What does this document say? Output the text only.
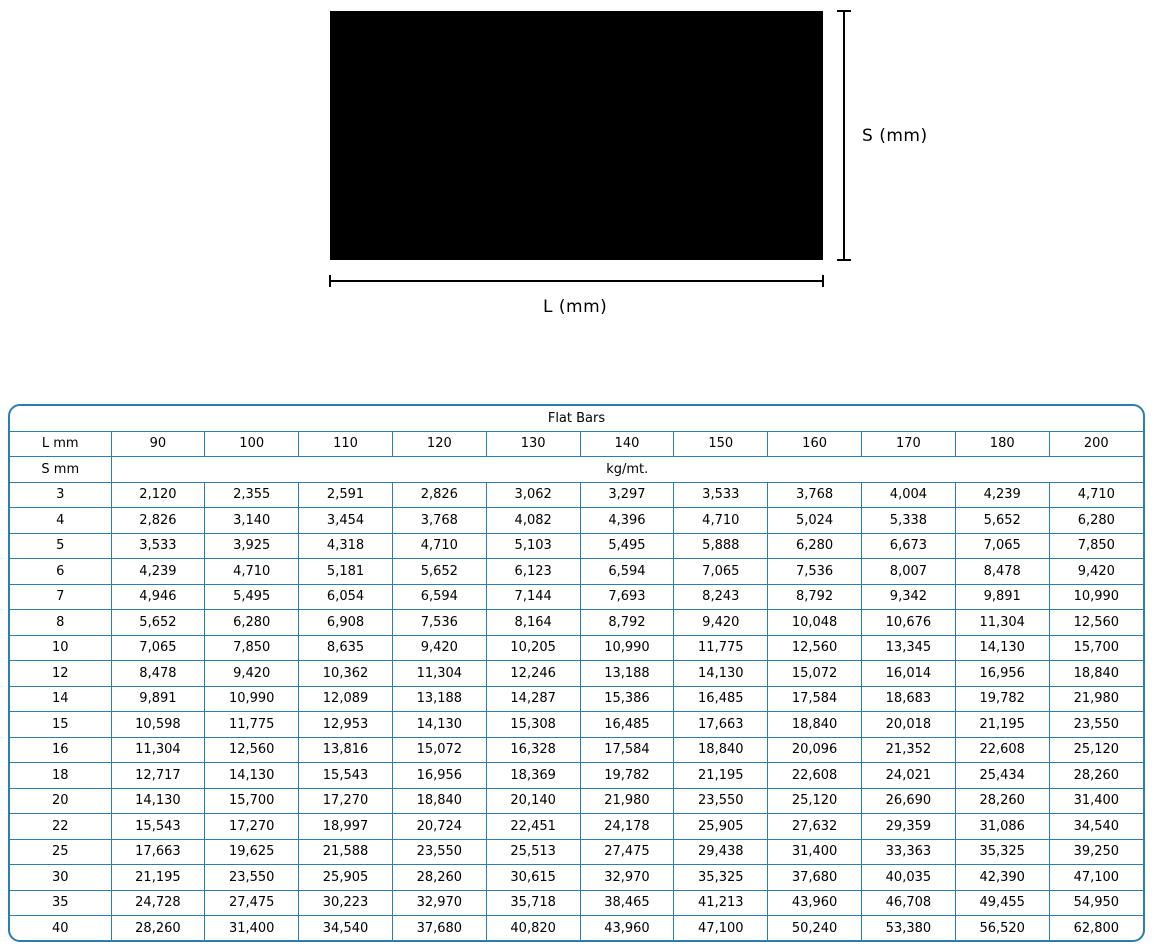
S (mm)
L (mm)
Flat Bars											
L mm	90	100	110	120	130	140	150	160	170	180	200
S mm	kg/mt.										
3	2,120	2,355	2,591	2,826	3,062	3,297	3,533	3,768	4,004	4,239	4,710
4	2,826	3,140	3,454	3,768	4,082	4,396	4,710	5,024	5,338	5,652	6,280
5	3,533	3,925	4,318	4,710	5,103	5,495	5,888	6,280	6,673	7,065	7,850
6	4,239	4,710	5,181	5,652	6,123	6,594	7,065	7,536	8,007	8,478	9,420
7	4,946	5,495	6,054	6,594	7,144	7,693	8,243	8,792	9,342	9,891	10,990
8	5,652	6,280	6,908	7,536	8,164	8,792	9,420	10,048	10,676	11,304	12,560
10	7,065	7,850	8,635	9,420	10,205	10,990	11,775	12,560	13,345	14,130	15,700
12	8,478	9,420	10,362	11,304	12,246	13,188	14,130	15,072	16,014	16,956	18,840
14	9,891	10,990	12,089	13,188	14,287	15,386	16,485	17,584	18,683	19,782	21,980
15	10,598	11,775	12,953	14,130	15,308	16,485	17,663	18,840	20,018	21,195	23,550
16	11,304	12,560	13,816	15,072	16,328	17,584	18,840	20,096	21,352	22,608	25,120
18	12,717	14,130	15,543	16,956	18,369	19,782	21,195	22,608	24,021	25,434	28,260
20	14,130	15,700	17,270	18,840	20,140	21,980	23,550	25,120	26,690	28,260	31,400
22	15,543	17,270	18,997	20,724	22,451	24,178	25,905	27,632	29,359	31,086	34,540
25	17,663	19,625	21,588	23,550	25,513	27,475	29,438	31,400	33,363	35,325	39,250
30	21,195	23,550	25,905	28,260	30,615	32,970	35,325	37,680	40,035	42,390	47,100
35	24,728	27,475	30,223	32,970	35,718	38,465	41,213	43,960	46,708	49,455	54,950
40	28,260	31,400	34,540	37,680	40,820	43,960	47,100	50,240	53,380	56,520	62,800
